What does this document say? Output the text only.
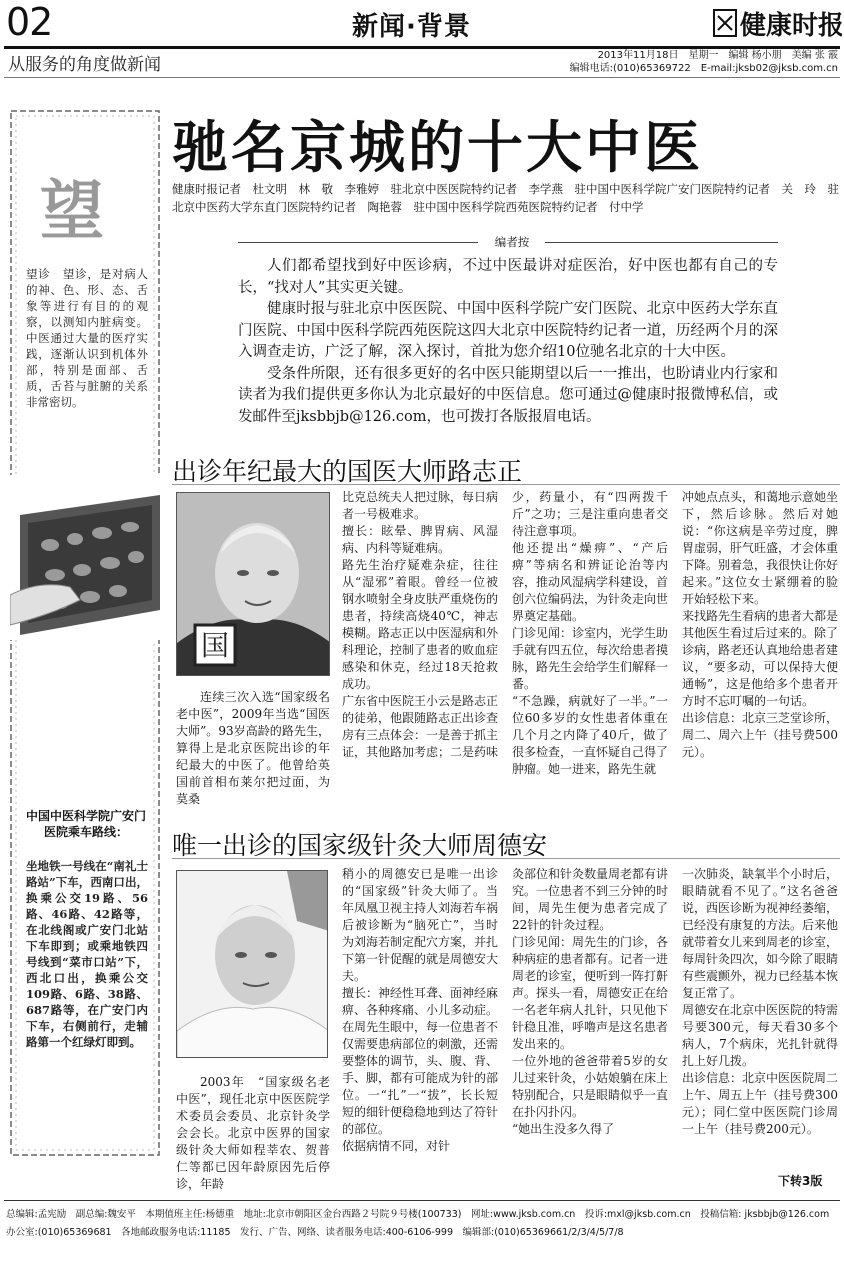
02	新闻·背景	健康时报
从服务的角度做新闻	2013年11月18日　星期一　编辑 杨小朋　美编 张 霰
编辑电话:(010)65369722　E-mail:jksb02@jksb.com.cn
望
望诊　望诊，是对病人的神、色、形、态、舌象等进行有目的的观察，以测知内脏病变。中医通过大量的医疗实践，逐渐认识到机体外部，特别是面部、舌质，舌苔与脏腑的关系非常密切。
中国中医科学院广安门医院乘车路线：
坐地铁一号线在“南礼士路站”下车，西南口出，换乘公交19路、56路、46路、42路等，在北线阁或广安门北站下车即到；或乘地铁四号线到“菜市口站”下，西北口出，换乘公交109路、6路、38路、687路等，在广安门内下车，右侧前行，走辅路第一个红绿灯即到。
驰名京城的十大中医
健康时报记者　杜文明　林　敬　李雅婷　驻北京中医医院特约记者　李学燕　驻中国中医科学院广安门医院特约记者　关　玲　驻北京中医药大学东直门医院特约记者　陶艳蓉　驻中国中医科学院西苑医院特约记者　付中学
编者按

人们都希望找到好中医诊病，不过中医最讲对症医治，好中医也都有自己的专长，“找对人”其实更关键。

健康时报与驻北京中医医院、中国中医科学院广安门医院、北京中医药大学东直门医院、中国中医科学院西苑医院这四大北京中医院特约记者一道，历经两个月的深入调查走访，广泛了解，深入探讨，首批为您介绍10位驰名北京的十大中医。

受条件所限，还有很多更好的名中医只能期望以后一一推出，也盼请业内行家和读者为我们提供更多你认为北京最好的中医信息。您可通过@健康时报微博私信，或发邮件至jksbbjb@126.com，也可拨打各版报眉电话。

出诊年纪最大的国医大师路志正
国

连续三次入选“国家级名老中医”，2009年当选“国医大师”。93岁高龄的路先生，算得上是北京医院出诊的年纪最大的中医了。他曾给英国前首相布莱尔把过面，为莫桑

比克总统夫人把过脉，每日病者一号极难求。
擅长：眩晕、脾胃病、风湿病、内科等疑难病。
路先生治疗疑难杂症，往往从“湿邪”着眼。曾经一位被钢水喷射全身皮肤严重烧伤的患者，持续高烧40℃，神志模糊。路志正以中医湿病和外科理论，控制了患者的败血症感染和休克，经过18天抢救成功。
广东省中医院王小云是路志正的徒弟，他跟随路志正出诊查房有三点体会：一是善于抓主证，其他路加考虑；二是药味
少，药量小，有“四两拨千斤”之功；三是注重向患者交待注意事项。
他还提出“燥痹”、“产后痹”等病名和辨证论治等内容，推动风湿病学科建设，首创六位编码法，为针灸走向世界奠定基础。
门诊见闻：诊室内，光学生助手就有四五位，每次给患者摸脉，路先生会给学生们解释一番。
“不急躁，病就好了一半。”一位60多岁的女性患者体重在几个月之内降了40斤，做了很多检查，一直怀疑自己得了肿瘤。她一进来，路先生就
冲她点点头，和蔼地示意她坐下，然后诊脉。然后对她说：“你这病是辛劳过度，脾胃虚弱，肝气旺盛，才会体重下降。别着急，我很快让你好起来。”这位女士紧绷着的脸开始轻松下来。
来找路先生看病的患者大都是其他医生看过后过来的。除了诊病，路老还认真地给患者建议，“要多动，可以保持大便通畅”，这是他给多个患者开方时不忘叮嘱的一句话。
出诊信息：北京三芝堂诊所，周二、周六上午（挂号费500元）。
唯一出诊的国家级针灸大师周德安

2003年　“国家级名老中医”，现任北京中医医院学术委员会委员、北京针灸学会会长。北京中医界的国家级针灸大师如程莘农、贺普仁等都已因年龄原因先后停诊，年龄

稍小的周德安已是唯一出诊的“国家级”针灸大师了。当年凤凰卫视主持人刘海若车祸后被诊断为“脑死亡”，当时为刘海若制定配穴方案，并扎下第一针促醒的就是周德安大夫。
擅长：神经性耳聋、面神经麻痹、各种疼痛、小儿多动症。
在周先生眼中，每一位患者不仅需要患病部位的刺激，还需要整体的调节，头、腹、背、手、脚，都有可能成为针的部位。一“扎”一“拔”，长长短短的细针便稳稳地到达了符针的部位。
依据病情不同，对针
灸部位和针灸数量周老都有讲究。一位患者不到三分钟的时间，周先生便为患者完成了22针的针灸过程。
门诊见闻：周先生的门诊，各种病症的患者都有。记者一进周老的诊室，便听到一阵打鼾声。探头一看，周德安正在给一名老年病人扎针，只见他下针稳且准，呼噜声是这名患者发出来的。
一位外地的爸爸带着5岁的女儿过来针灸，小姑娘躺在床上特别配合，只是眼睛似乎一直在扑闪扑闪。
“她出生没多久得了
一次肺炎，缺氧半个小时后，眼睛就看不见了。”这名爸爸说，西医诊断为视神经萎缩，已经没有康复的方法。后来他就带着女儿来到周老的诊室，每周针灸四次，如今除了眼睛有些震颤外，视力已经基本恢复正常了。
周德安在北京中医医院的特需号要300元，每天看30多个病人，7个病床，光扎针就得扎上好几拨。
出诊信息：北京中医医院周二上午、周五上午（挂号费300元）；同仁堂中医医院门诊周一上午（挂号费200元）。
下转3版
总编辑:孟宪励　副总编:魏安平　本期值班主任:杨德重　地址:北京市朝阳区金台西路２号院９号楼(100733)　网址:www.jksb.com.cn　投诉:mxl@jksb.com.cn　投稿信箱: jksbbjb@126.com
办公室:(010)65369681　各地邮政服务电话:11185　发行、广告、网络、读者服务电话:400-6106-999　编辑部:(010)65369661/2/3/4/5/7/8
